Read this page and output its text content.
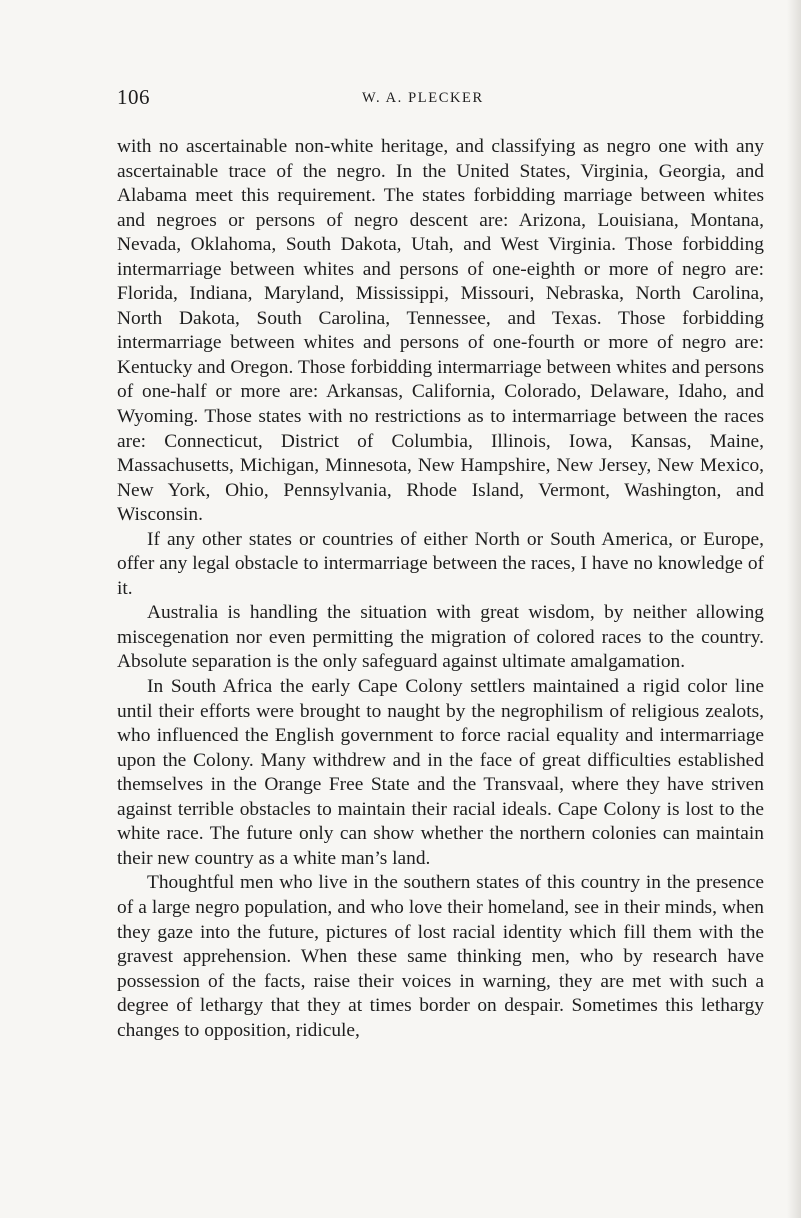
106	W. A. PLECKER

with no ascertainable non-white heritage, and classifying as negro one with any ascertainable trace of the negro. In the United States, Virginia, Georgia, and Alabama meet this requirement. The states forbidding marriage between whites and negroes or persons of negro descent are: Arizona, Louisiana, Montana, Nevada, Oklahoma, South Dakota, Utah, and West Virginia. Those forbidding intermarriage between whites and persons of one-eighth or more of negro are: Florida, Indiana, Maryland, Mississippi, Missouri, Nebraska, North Carolina, North Dakota, South Carolina, Tennessee, and Texas. Those forbidding intermarriage between whites and persons of one-fourth or more of negro are: Kentucky and Oregon. Those forbidding intermarriage between whites and persons of one-half or more are: Arkansas, California, Colorado, Delaware, Idaho, and Wyoming. Those states with no restrictions as to intermarriage between the races are: Connecticut, District of Columbia, Illinois, Iowa, Kansas, Maine, Massachusetts, Michigan, Minnesota, New Hampshire, New Jersey, New Mexico, New York, Ohio, Pennsylvania, Rhode Island, Vermont, Washington, and Wisconsin.

If any other states or countries of either North or South America, or Europe, offer any legal obstacle to intermarriage between the races, I have no knowledge of it.

Australia is handling the situation with great wisdom, by neither allowing miscegenation nor even permitting the migration of colored races to the country. Absolute separation is the only safeguard against ultimate amalgamation.

In South Africa the early Cape Colony settlers maintained a rigid color line until their efforts were brought to naught by the negrophilism of religious zealots, who influenced the English government to force racial equality and intermarriage upon the Colony. Many withdrew and in the face of great difficulties established themselves in the Orange Free State and the Transvaal, where they have striven against terrible obstacles to maintain their racial ideals. Cape Colony is lost to the white race. The future only can show whether the northern colonies can maintain their new country as a white man’s land.

Thoughtful men who live in the southern states of this country in the presence of a large negro population, and who love their homeland, see in their minds, when they gaze into the future, pictures of lost racial identity which fill them with the gravest apprehension. When these same thinking men, who by research have possession of the facts, raise their voices in warning, they are met with such a degree of lethargy that they at times border on despair. Sometimes this lethargy changes to opposition, ridicule,
